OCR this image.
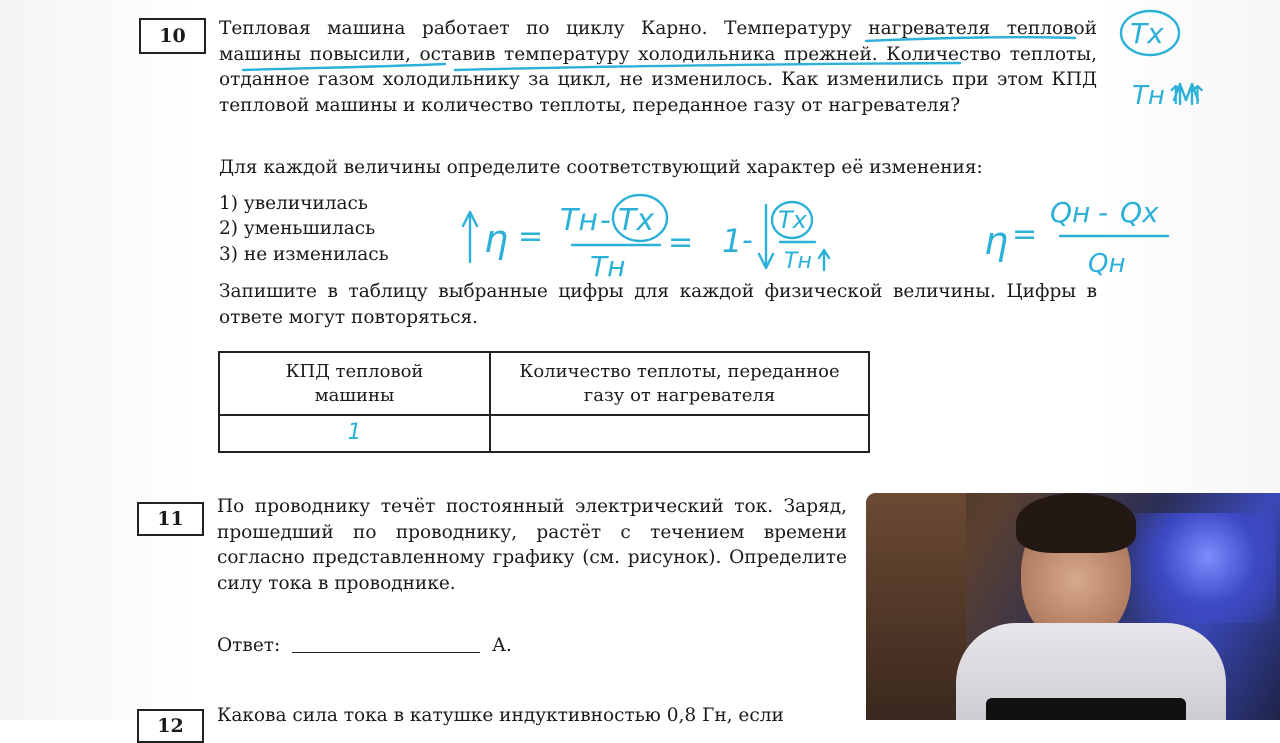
10 Тепловая машина работает по циклу Карно. Температуру нагревателя тепловой машины повысили, оставив температуру холодильника прежней. Количество теплоты, отданное газом холодильнику за цикл, не изменилось. Как изменились при этом КПД тепловой машины и количество теплоты, переданное газу от нагревателя?

Для каждой величины определите соответствующий характер её изменения:

1) увеличилась
2) уменьшилась
3) не изменилась

Запишите в таблицу выбранные цифры для каждой физической величины. Цифры в ответе могут повторяться.

КПД тепловой машины	Количество теплоты, переданное газу от нагревателя

1	
11

По проводнику течёт постоянный электрический ток. Заряд, прошедший по проводнику, растёт с течением времени согласно представленному графику (см. рисунок). Определите силу тока в проводнике.

Ответ:	А.
12 Какова сила тока в катушке индуктивностью 0,8 Гн, если

Tx
Tн↑↑
η = Tн - Tx
Tн
= 1 -
Tx
Tн	η =
Qн - Qx
Qн
